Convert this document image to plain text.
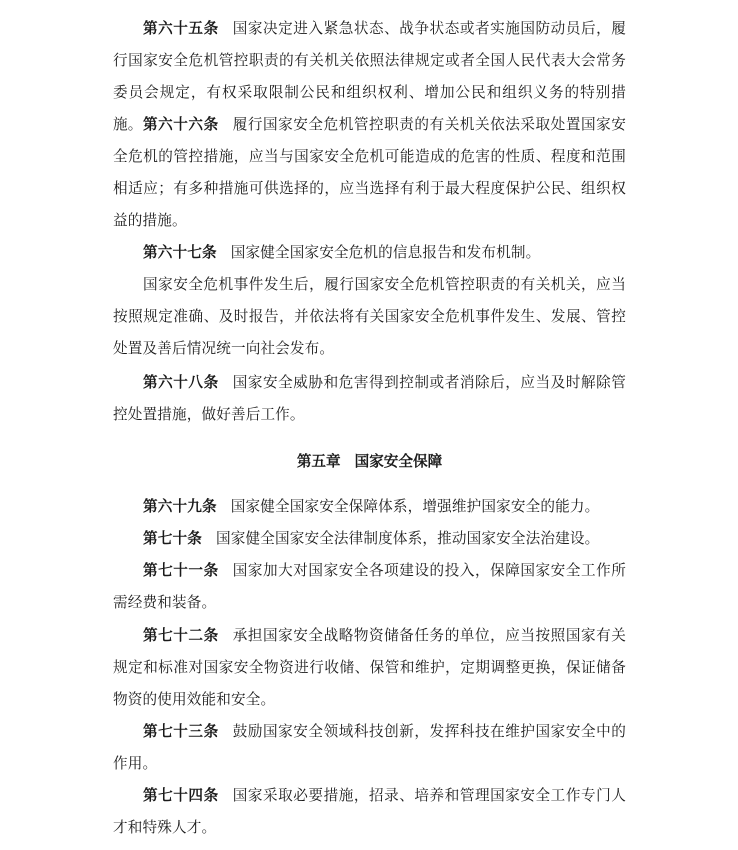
第六十五条 国家决定进入紧急状态、战争状态或者实施国防动员后，履行国家安全危机管控职责的有关机关依照法律规定或者全国人民代表大会常务委员会规定，有权采取限制公民和组织权利、增加公民和组织义务的特别措施。 第六十六条 履行国家安全危机管控职责的有关机关依法采取处置国家安全危机的管控措施，应当与国家安全危机可能造成的危害的性质、程度和范围相适应；有多种措施可供选择的，应当选择有利于最大程度保护公民、组织权益的措施。

第六十七条 国家健全国家安全危机的信息报告和发布机制。

国家安全危机事件发生后，履行国家安全危机管控职责的有关机关，应当按照规定准确、及时报告，并依法将有关国家安全危机事件发生、发展、管控处置及善后情况统一向社会发布。

第六十八条 国家安全威胁和危害得到控制或者消除后，应当及时解除管控处置措施，做好善后工作。

第五章 国家安全保障

第六十九条 国家健全国家安全保障体系，增强维护国家安全的能力。

第七十条 国家健全国家安全法律制度体系，推动国家安全法治建设。

第七十一条 国家加大对国家安全各项建设的投入，保障国家安全工作所需经费和装备。

第七十二条 承担国家安全战略物资储备任务的单位，应当按照国家有关规定和标准对国家安全物资进行收储、保管和维护，定期调整更换，保证储备物资的使用效能和安全。

第七十三条 鼓励国家安全领域科技创新，发挥科技在维护国家安全中的作用。

第七十四条 国家采取必要措施，招录、培养和管理国家安全工作专门人才和特殊人才。
